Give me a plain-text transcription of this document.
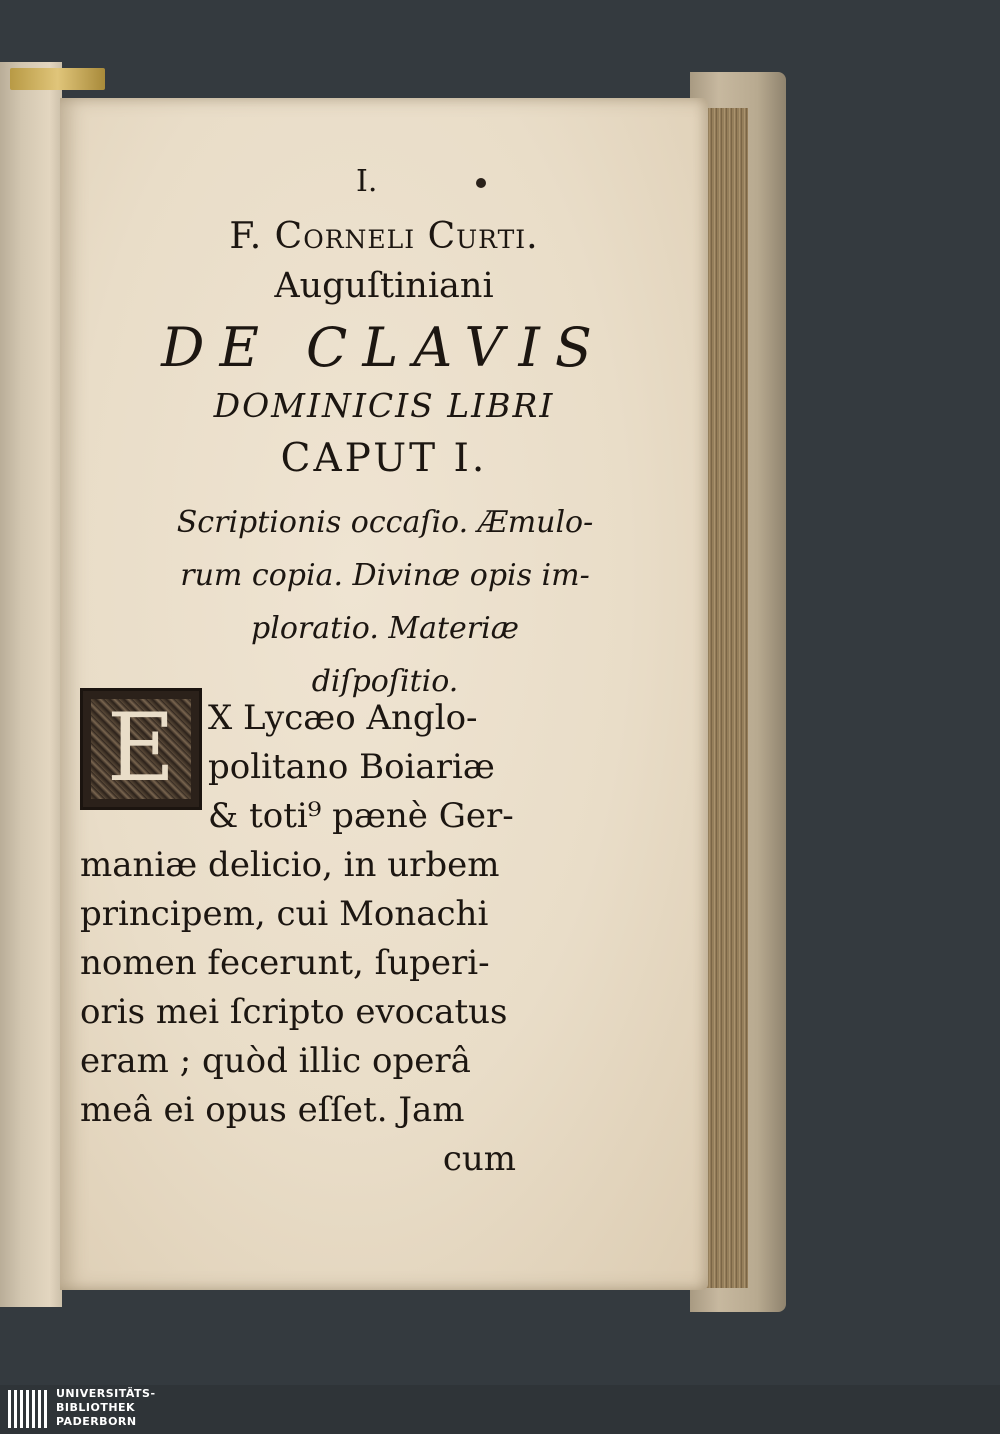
I.
F. Corneli Curti.
Auguſtiniani
DE CLAVIS
DOMINICIS LIBRI
CAPUT I.
Scriptionis occaſio. Æmulo-
rum copia. Divinæ opis im-
ploratio. Materiæ
diſpoſitio.
E X Lycæo Anglo-
politano Boiariæ
& toti⁹ pænè Ger-
maniæ delicio, in urbem
principem, cui Monachi
nomen fecerunt, ſuperi-
oris mei ſcripto evocatus
eram ; quòd illic operâ
meâ ei opus eſſet. Jam
cum
UNIVERSITÄTS-
BIBLIOTHEK
PADERBORN
